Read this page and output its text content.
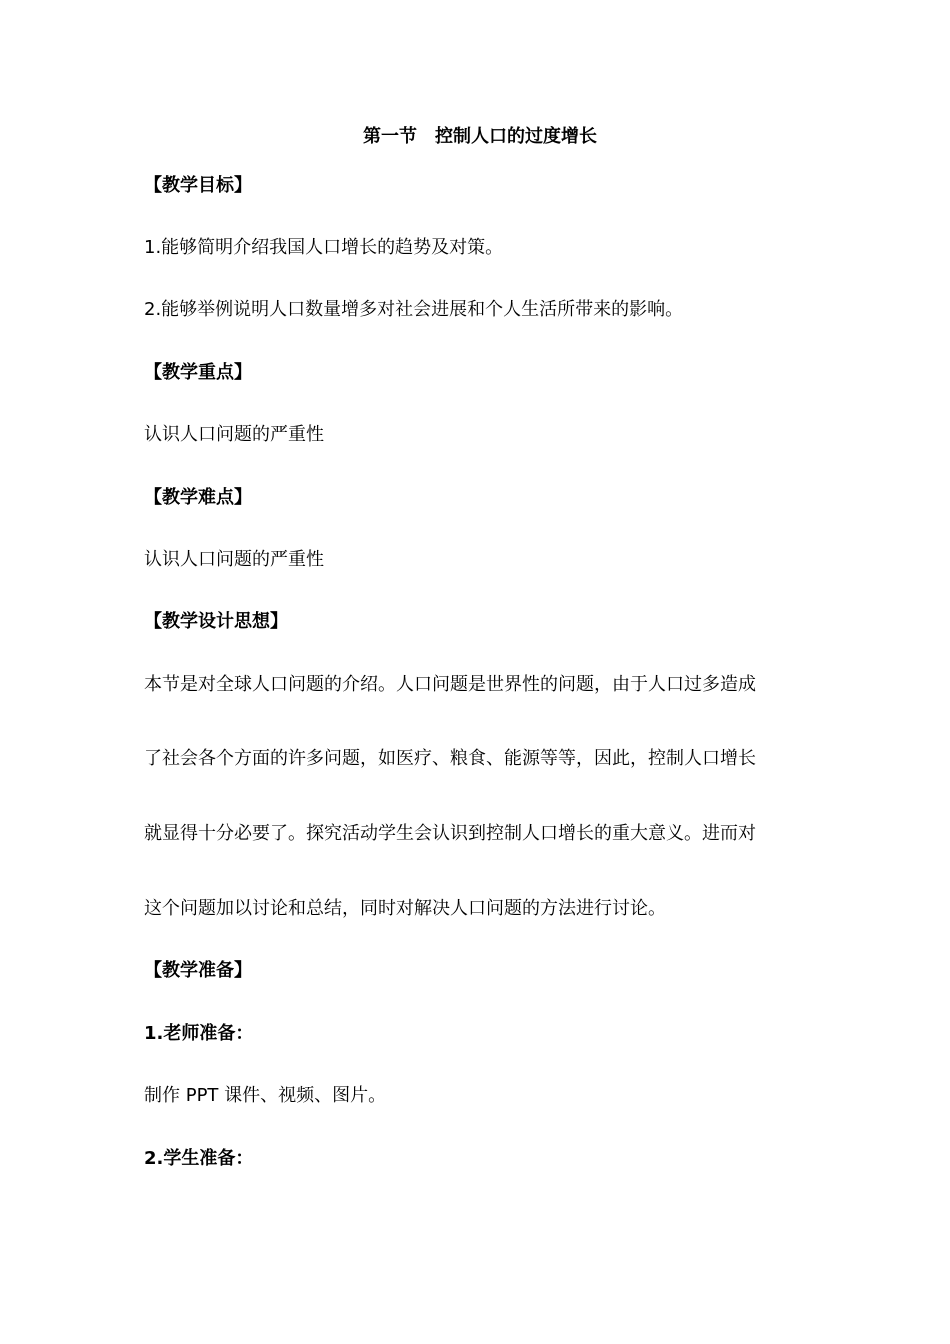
第一节　控制人口的过度增长
【教学目标】
1.能够简明介绍我国人口增长的趋势及对策。
2.能够举例说明人口数量增多对社会进展和个人生活所带来的影响。
【教学重点】
认识人口问题的严重性
【教学难点】
认识人口问题的严重性
【教学设计思想】
本节是对全球人口问题的介绍。人口问题是世界性的问题，由于人口过多造成
了社会各个方面的许多问题，如医疗、粮食、能源等等，因此，控制人口增长
就显得十分必要了。探究活动学生会认识到控制人口增长的重大意义。进而对
这个问题加以讨论和总结，同时对解决人口问题的方法进行讨论。
【教学准备】
1.老师准备：
制作 PPT 课件、视频、图片。
2.学生准备：
